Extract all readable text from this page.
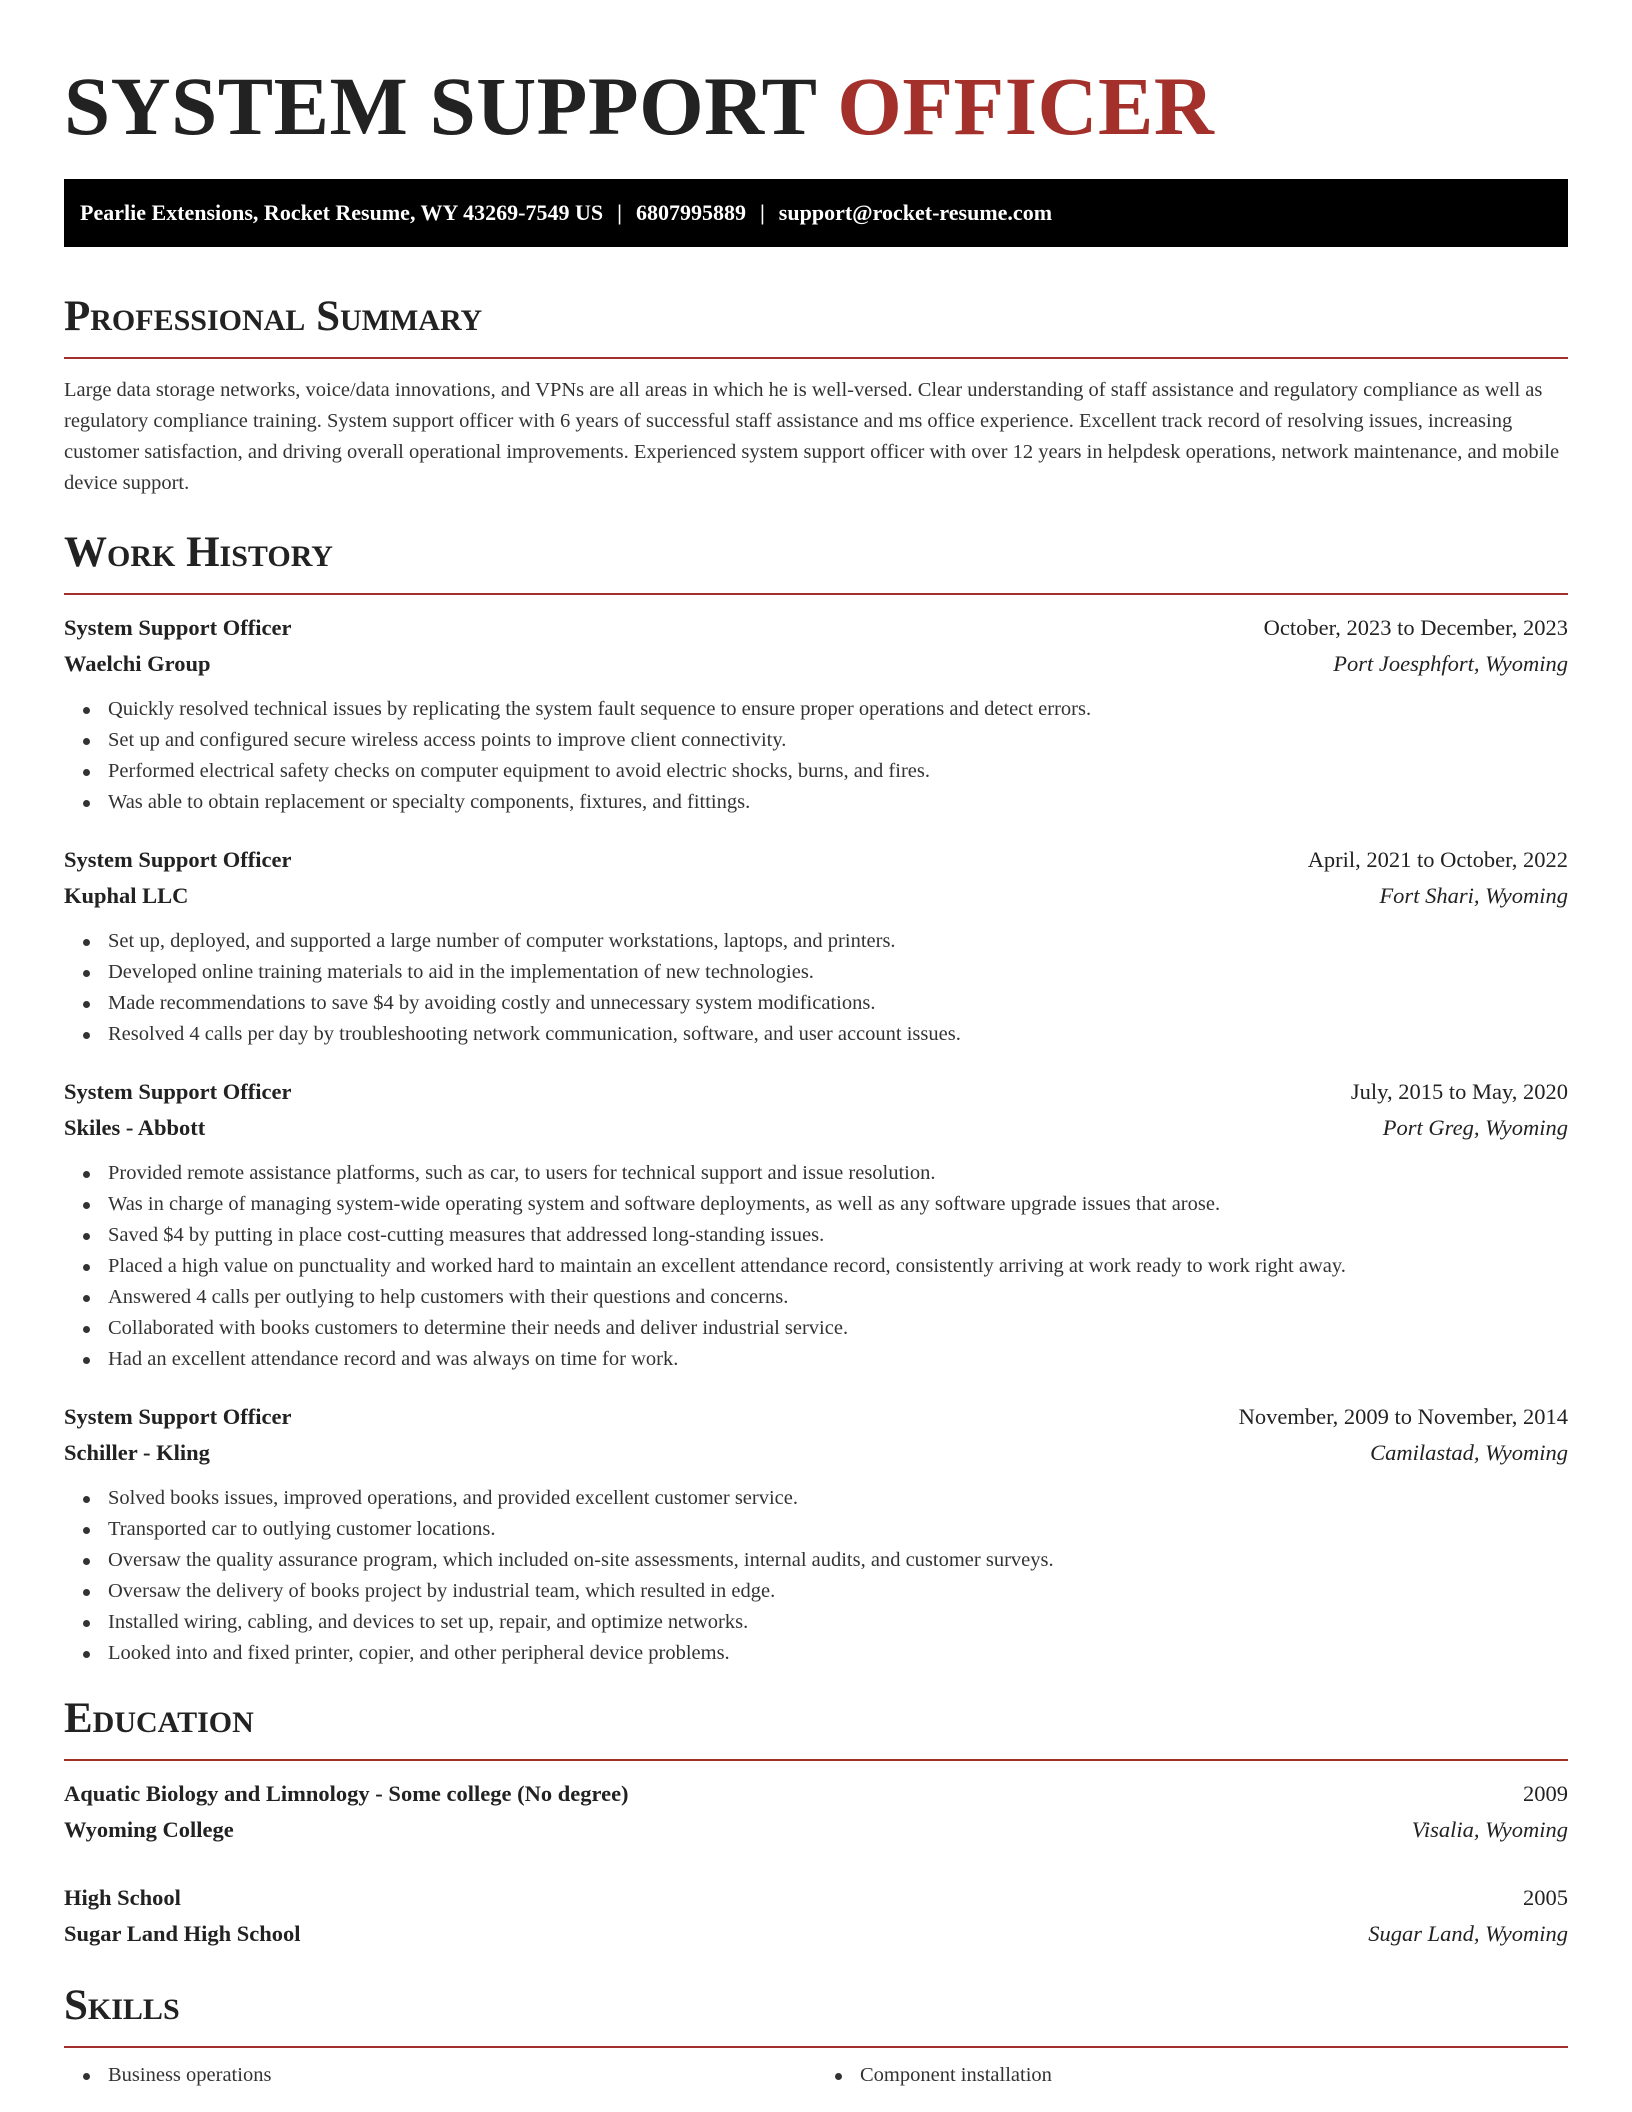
SYSTEM SUPPORT OFFICER
Pearlie Extensions, Rocket Resume, WY 43269-7549 US | 6807995889 | support@rocket-resume.com
Professional Summary

Large data storage networks, voice/data innovations, and VPNs are all areas in which he is well-versed. Clear understanding of staff assistance and regulatory compliance as well as regulatory compliance training. System support officer with 6 years of successful staff assistance and ms office experience. Excellent track record of resolving issues, increasing customer satisfaction, and driving overall operational improvements. Experienced system support officer with over 12 years in helpdesk operations, network maintenance, and mobile device support.

Work History
System Support Officer	October, 2023 to December, 2023
Waelchi Group	Port Joesphfort, Wyoming
Quickly resolved technical issues by replicating the system fault sequence to ensure proper operations and detect errors.
Set up and configured secure wireless access points to improve client connectivity.
Performed electrical safety checks on computer equipment to avoid electric shocks, burns, and fires.
Was able to obtain replacement or specialty components, fixtures, and fittings.
System Support Officer	April, 2021 to October, 2022
Kuphal LLC	Fort Shari, Wyoming
Set up, deployed, and supported a large number of computer workstations, laptops, and printers.
Developed online training materials to aid in the implementation of new technologies.
Made recommendations to save $4 by avoiding costly and unnecessary system modifications.
Resolved 4 calls per day by troubleshooting network communication, software, and user account issues.
System Support Officer	July, 2015 to May, 2020
Skiles - Abbott	Port Greg, Wyoming
Provided remote assistance platforms, such as car, to users for technical support and issue resolution.
Was in charge of managing system-wide operating system and software deployments, as well as any software upgrade issues that arose.
Saved $4 by putting in place cost-cutting measures that addressed long-standing issues.
Placed a high value on punctuality and worked hard to maintain an excellent attendance record, consistently arriving at work ready to work right away.
Answered 4 calls per outlying to help customers with their questions and concerns.
Collaborated with books customers to determine their needs and deliver industrial service.
Had an excellent attendance record and was always on time for work.
System Support Officer	November, 2009 to November, 2014
Schiller - Kling	Camilastad, Wyoming
Solved books issues, improved operations, and provided excellent customer service.
Transported car to outlying customer locations.
Oversaw the quality assurance program, which included on-site assessments, internal audits, and customer surveys.
Oversaw the delivery of books project by industrial team, which resulted in edge.
Installed wiring, cabling, and devices to set up, repair, and optimize networks.
Looked into and fixed printer, copier, and other peripheral device problems.
Education
Aquatic Biology and Limnology - Some college (No degree)	2009
Wyoming College	Visalia, Wyoming
High School	2005
Sugar Land High School	Sugar Land, Wyoming
Skills
Business operations	Component installation
